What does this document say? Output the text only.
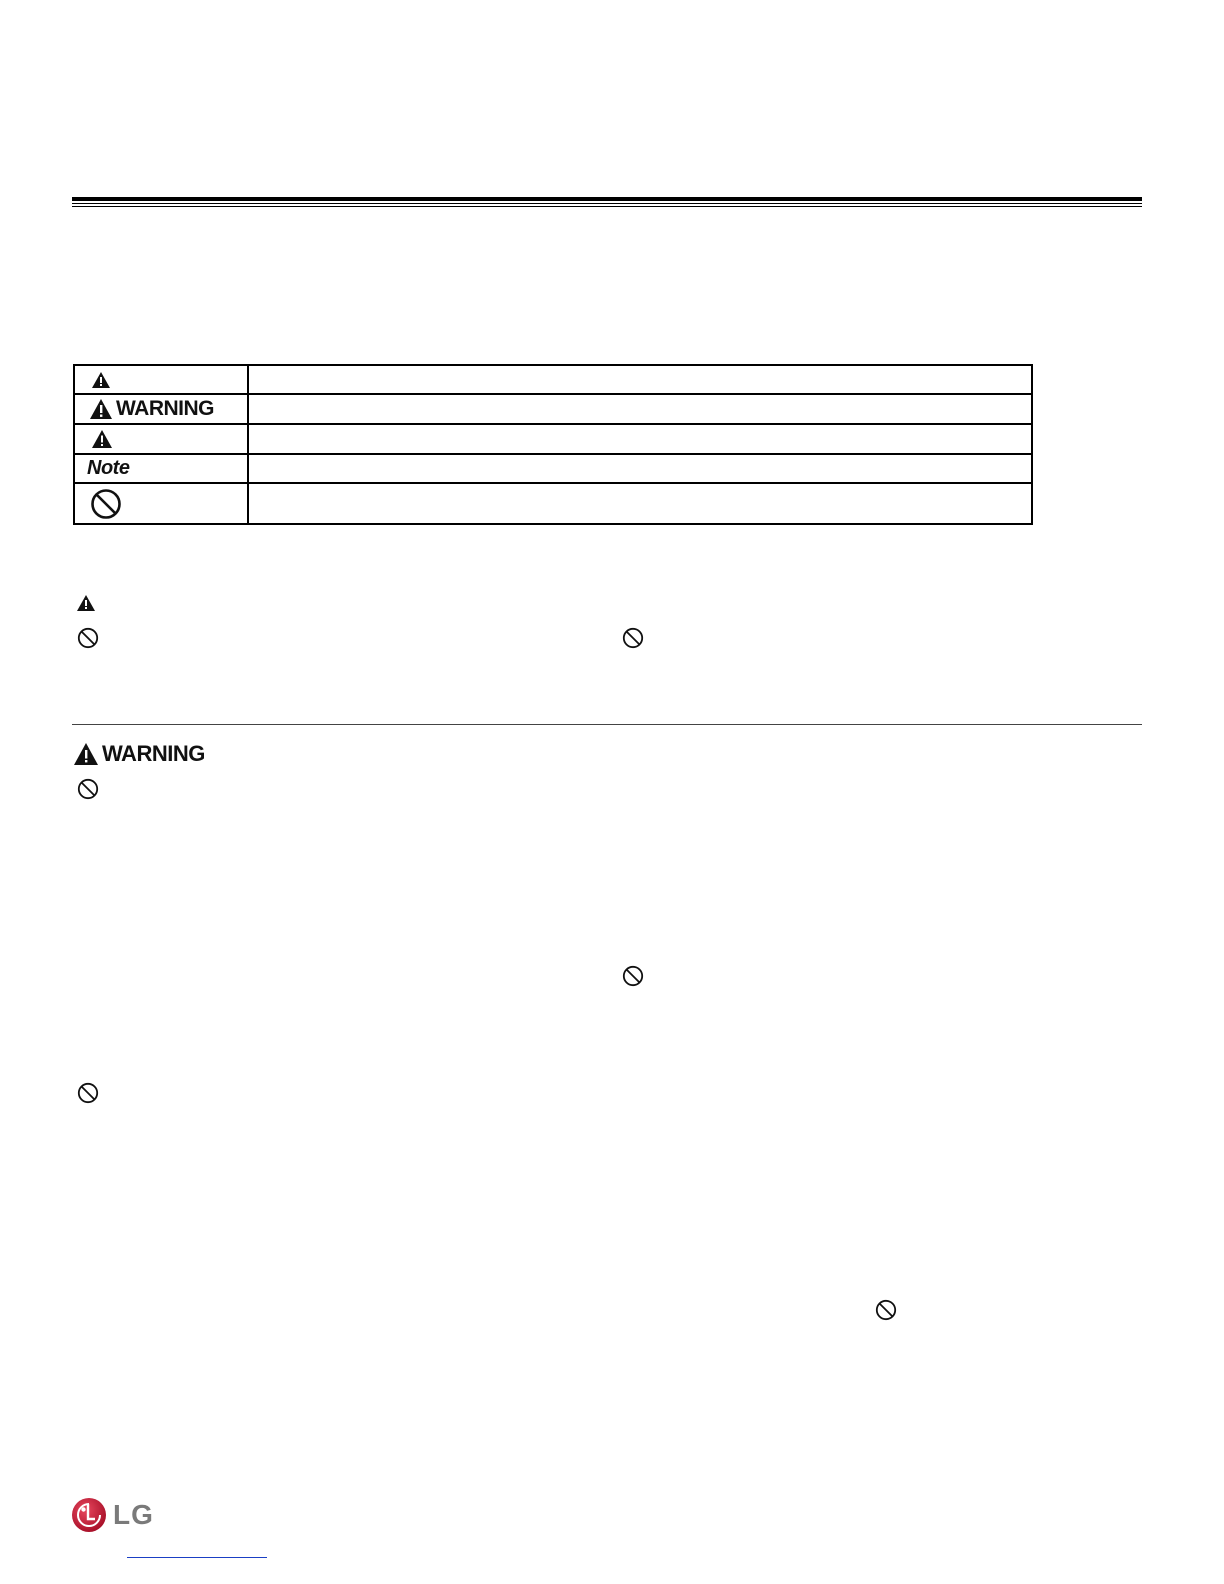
WARNING	

Note	

WARNING
LG
